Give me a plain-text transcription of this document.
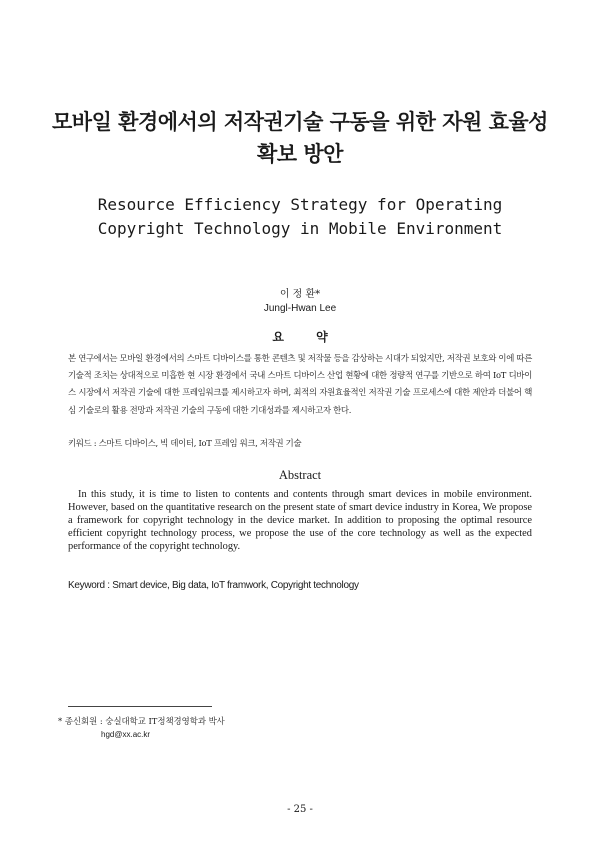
모바일 환경에서의 저작권기술 구동을 위한 자원 효율성
확보 방안
Resource Efficiency Strategy for Operating
Copyright Technology in Mobile Environment
이 정 환*
Jungl-Hwan Lee
요 약
본 연구에서는 모바일 환경에서의 스마트 디바이스를 통한 콘텐츠 및 저작물 등을 감상하는 시대가 되었지만, 저작권 보호와 이에 따른 기술적 조치는 상대적으로 미흡한 현 시장 환경에서 국내 스마트 디바이스 산업 현황에 대한 정량적 연구를 기반으로 하여 IoT 디바이스 시장에서 저작권 기술에 대한 프레임워크를 제시하고자 하며, 최적의 자원효율적인 저작권 기술 프로세스에 대한 제안과 더불어 핵심 기술로의 활용 전망과 저작권 기술의 구동에 대한 기대성과를 제시하고자 한다.
키워드 : 스마트 디바이스, 빅 데이터, IoT 프레임 워크, 저작권 기술
Abstract
In this study, it is time to listen to contents and contents through smart devices in mobile environment. However, based on the quantitative research on the present state of smart device industry in Korea, We propose a framework for copyright technology in the device market. In addition to proposing the optimal resource efficient copyright technology process, we propose the use of the core technology as well as the expected performance of the copyright technology.
Keyword : Smart device, Big data, IoT framwork, Copyright technology
* 종신회원 : 숭실대학교 IT정책경영학과 박사
hgd@xx.ac.kr
- 25 -
